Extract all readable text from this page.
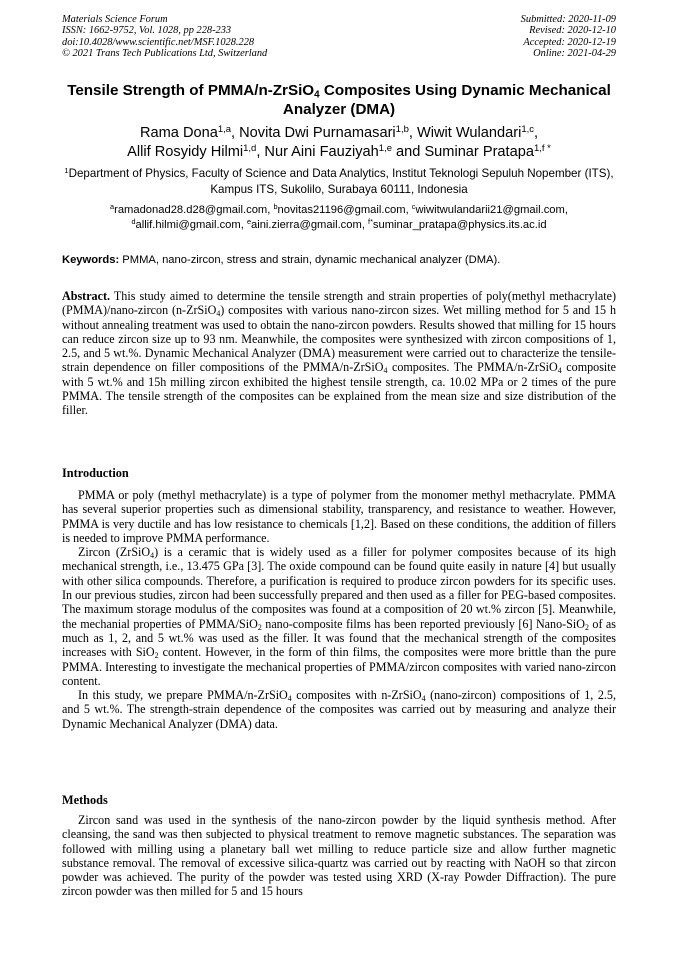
Materials Science Forum
ISSN: 1662-9752, Vol. 1028, pp 228-233
doi:10.4028/www.scientific.net/MSF.1028.228
© 2021 Trans Tech Publications Ltd, Switzerland
Submitted: 2020-11-09
Revised: 2020-12-10
Accepted: 2020-12-19
Online: 2021-04-29
Tensile Strength of PMMA/n-ZrSiO$_4$ Composites Using Dynamic Mechanical Analyzer (DMA)
Rama Dona$^{1,a}$, Novita Dwi Purnamasari$^{1,b}$, Wiwit Wulandari$^{1,c}$,
Allif Rosyidy Hilmi$^{1,d}$, Nur Aini Fauziyah$^{1,e}$ and Suminar Pratapa$^{1,f *}$
$^1$Department of Physics, Faculty of Science and Data Analytics, Institut Teknologi Sepuluh Nopember (ITS), Kampus ITS, Sukolilo, Surabaya 60111, Indonesia
$^a$ramadonad28.d28@gmail.com, $^b$novitas21196@gmail.com, $^c$wiwitwulandarii21@gmail.com,
$^d$allif.hilmi@gmail.com, $^e$aini.zierra@gmail.com, $^{f*}$suminar_pratapa@physics.its.ac.id
Keywords: PMMA, nano-zircon, stress and strain, dynamic mechanical analyzer (DMA).
Abstract. This study aimed to determine the tensile strength and strain properties of poly(methyl methacrylate) (PMMA)/nano-zircon (n-ZrSiO$_4$) composites with various nano-zircon sizes. Wet milling method for 5 and 15 h without annealing treatment was used to obtain the nano-zircon powders. Results showed that milling for 15 hours can reduce zircon size up to 93 nm. Meanwhile, the composites were synthesized with zircon compositions of 1, 2.5, and 5 wt.%. Dynamic Mechanical Analyzer (DMA) measurement were carried out to characterize the tensile-strain dependence on filler compositions of the PMMA/n-ZrSiO$_4$ composites. The PMMA/n-ZrSiO$_4$ composite with 5 wt.% and 15h milling zircon exhibited the highest tensile strength, ca. 10.02 MPa or 2 times of the pure PMMA. The tensile strength of the composites can be explained from the mean size and size distribution of the filler.
Introduction

PMMA or poly (methyl methacrylate) is a type of polymer from the monomer methyl methacrylate. PMMA has several superior properties such as dimensional stability, transparency, and resistance to weather. However, PMMA is very ductile and has low resistance to chemicals [1,2]. Based on these conditions, the addition of fillers is needed to improve PMMA performance.

Zircon (ZrSiO$_4$) is a ceramic that is widely used as a filler for polymer composites because of its high mechanical strength, i.e., 13.475 GPa [3]. The oxide compound can be found quite easily in nature [4] but usually with other silica compounds. Therefore, a purification is required to produce zircon powders for its specific uses. In our previous studies, zircon had been successfully prepared and then used as a filler for PEG-based composites. The maximum storage modulus of the composites was found at a composition of 20 wt.% zircon [5]. Meanwhile, the mechanial properties of PMMA/SiO$_2$ nano-composite films has been reported previously [6] Nano-SiO$_2$ of as much as 1, 2, and 5 wt.% was used as the filler. It was found that the mechanical strength of the composites increases with SiO$_2$ content. However, in the form of thin films, the composites were more brittle than the pure PMMA. Interesting to investigate the mechanical properties of PMMA/zircon composites with varied nano-zircon content.

In this study, we prepare PMMA/n-ZrSiO$_4$ composites with n-ZrSiO$_4$ (nano-zircon) compositions of 1, 2.5, and 5 wt.%. The strength-strain dependence of the composites was carried out by measuring and analyze their Dynamic Mechanical Analyzer (DMA) data.

Methods

Zircon sand was used in the synthesis of the nano-zircon powder by the liquid synthesis method. After cleansing, the sand was then subjected to physical treatment to remove magnetic substances. The separation was followed with milling using a planetary ball wet milling to reduce particle size and allow further magnetic substance removal. The removal of excessive silica-quartz was carried out by reacting with NaOH so that zircon powder was achieved. The purity of the powder was tested using XRD (X-ray Powder Diffraction). The pure zircon powder was then milled for 5 and 15 hours
